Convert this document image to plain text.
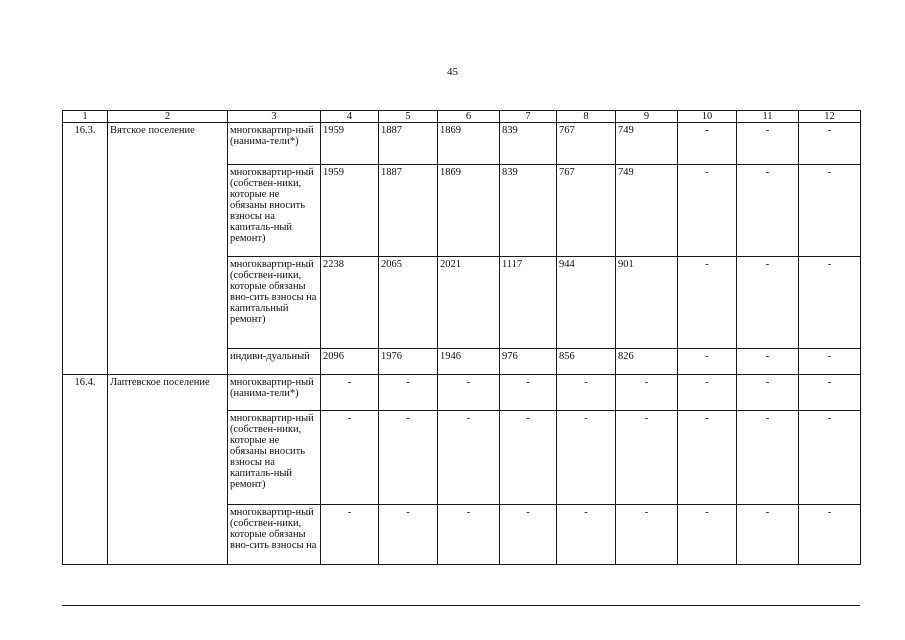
45
1	2	3	4	5	6	7	8	9	10	11	12
16.3.	Вятское поселение	многоквартир-ный (нанима-тели*)	1959	1887	1869	839	767	749	-	-	-
		многоквартир-ный (собствен-ники, которые не обязаны вносить взносы на капиталь-ный ремонт)	1959	1887	1869	839	767	749	-	-	-
		многоквартир-ный (собствен-ники, которые обязаны вно-сить взносы на капитальный ремонт)	2238	2065	2021	1117	944	901	-	-	-
		индиви-дуальный	2096	1976	1946	976	856	826	-	-	-
16.4.	Лаптевское поселение	многоквартир-ный (нанима-тели*)	-	-	-	-	-	-	-	-	-
		многоквартир-ный (собствен-ники, которые не обязаны вносить взносы на капиталь-ный ремонт)	-	-	-	-	-	-	-	-	-
		многоквартир-ный (собствен-ники, которые обязаны вно-сить взносы на	-	-	-	-	-	-	-	-	-
